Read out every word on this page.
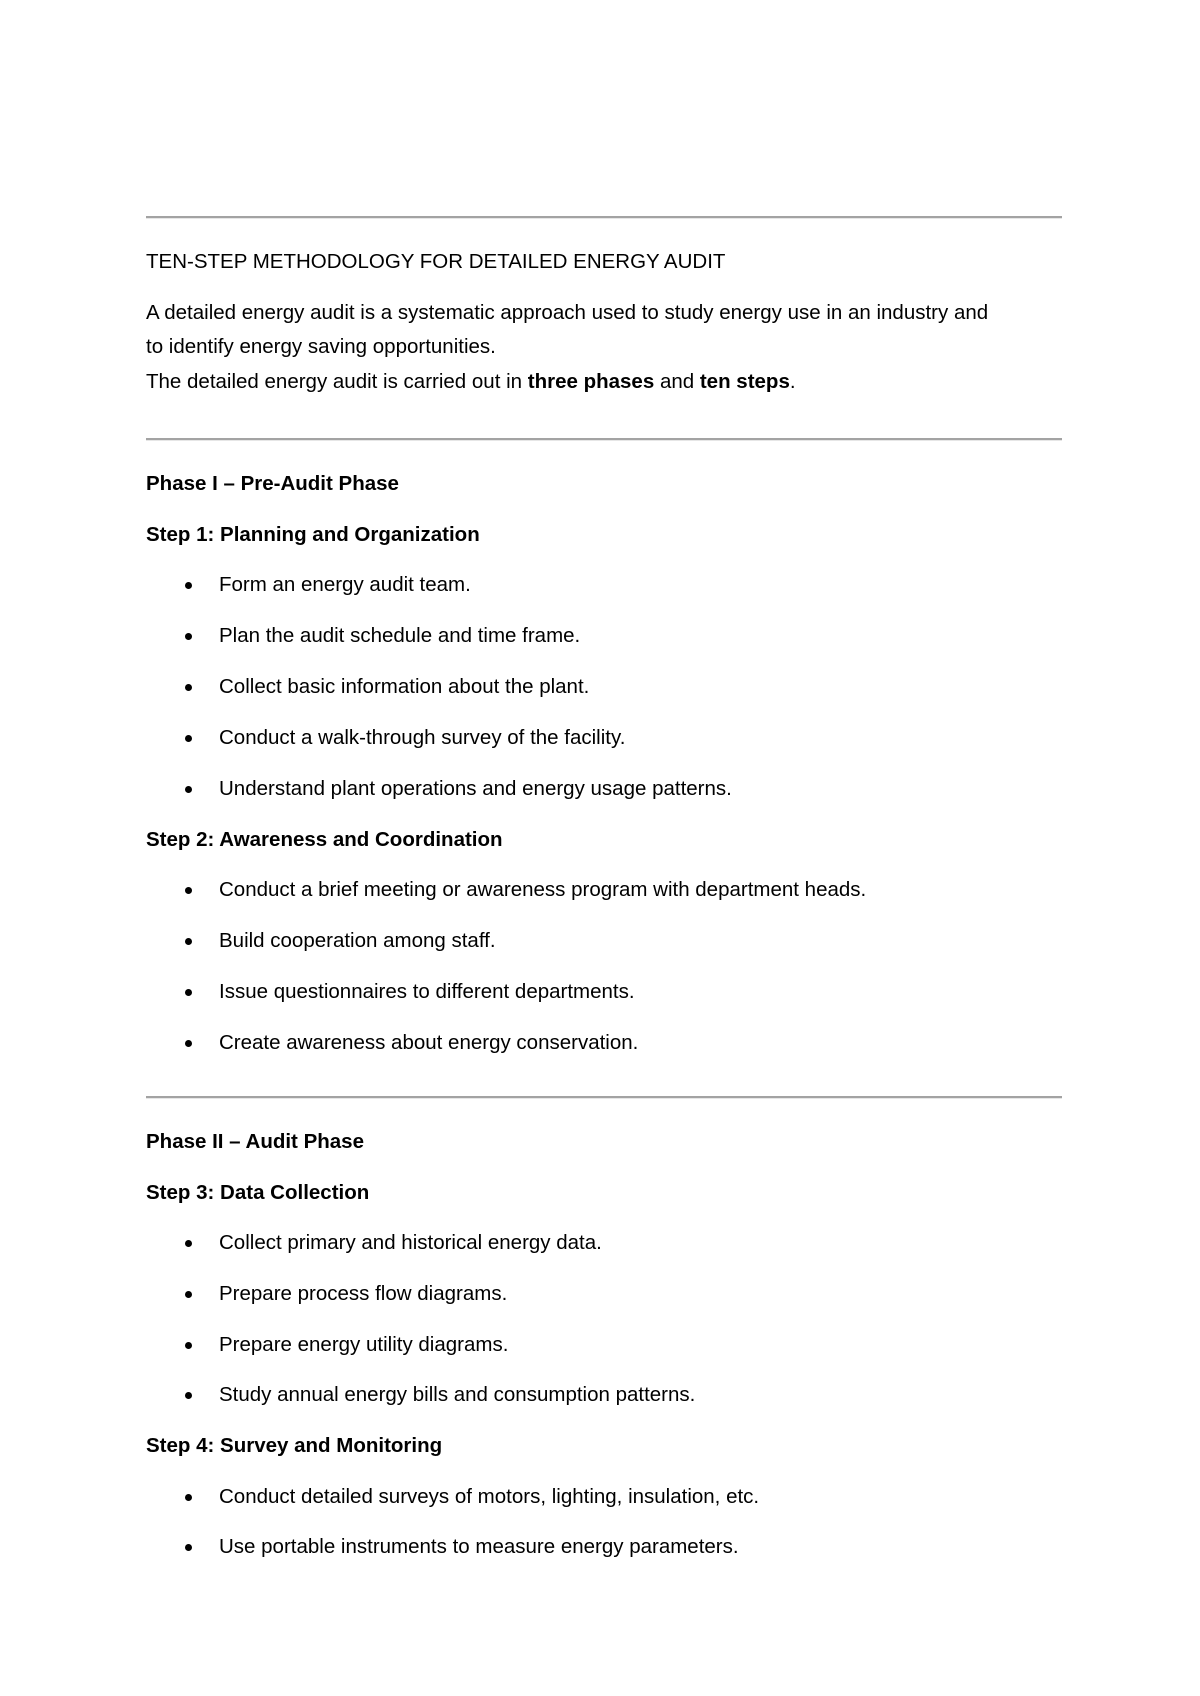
TEN-STEP METHODOLOGY FOR DETAILED ENERGY AUDIT
A detailed energy audit is a systematic approach used to study energy use in an industry and
to identify energy saving opportunities.
The detailed energy audit is carried out in three phases and ten steps.
Phase I – Pre-Audit Phase
Step 1: Planning and Organization
Form an energy audit team.
Plan the audit schedule and time frame.
Collect basic information about the plant.
Conduct a walk-through survey of the facility.
Understand plant operations and energy usage patterns.
Step 2: Awareness and Coordination
Conduct a brief meeting or awareness program with department heads.
Build cooperation among staff.
Issue questionnaires to different departments.
Create awareness about energy conservation.
Phase II – Audit Phase
Step 3: Data Collection
Collect primary and historical energy data.
Prepare process flow diagrams.
Prepare energy utility diagrams.
Study annual energy bills and consumption patterns.
Step 4: Survey and Monitoring
Conduct detailed surveys of motors, lighting, insulation, etc.
Use portable instruments to measure energy parameters.
